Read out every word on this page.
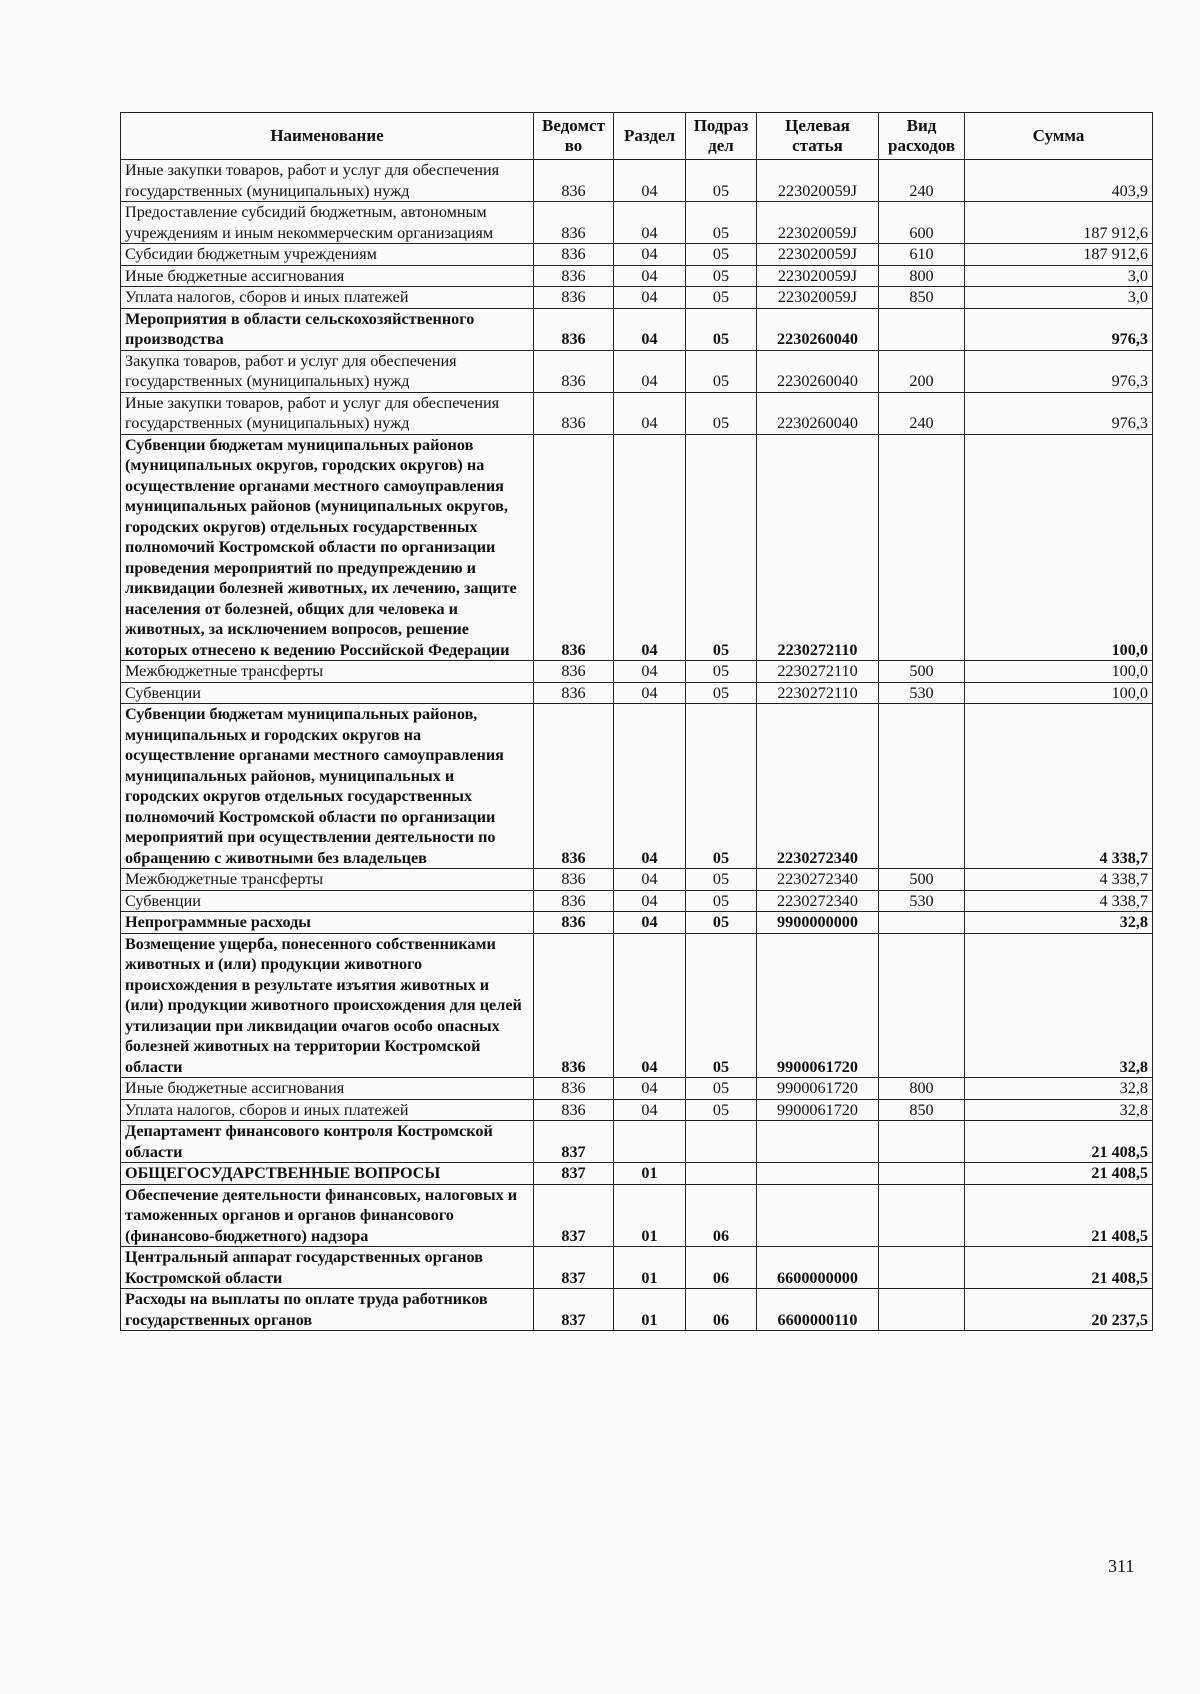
Наименование	Ведомст во	Раздел	Подраз дел	Целевая статья	Вид расходов	Сумма
Иные закупки товаров, работ и услуг для обеспечения государственных (муниципальных) нужд	836	04	05	223020059J	240	403,9
Предоставление субсидий бюджетным, автономным учреждениям и иным некоммерческим организациям	836	04	05	223020059J	600	187 912,6
Субсидии бюджетным учреждениям	836	04	05	223020059J	610	187 912,6
Иные бюджетные ассигнования	836	04	05	223020059J	800	3,0
Уплата налогов, сборов и иных платежей	836	04	05	223020059J	850	3,0
Мероприятия в области сельскохозяйственного производства	836	04	05	2230260040		976,3
Закупка товаров, работ и услуг для обеспечения государственных (муниципальных) нужд	836	04	05	2230260040	200	976,3
Иные закупки товаров, работ и услуг для обеспечения государственных (муниципальных) нужд	836	04	05	2230260040	240	976,3
Субвенции бюджетам муниципальных районов (муниципальных округов, городских округов) на осуществление органами местного самоуправления муниципальных районов (муниципальных округов, городских округов) отдельных государственных полномочий Костромской области по организации проведения мероприятий по предупреждению и ликвидации болезней животных, их лечению, защите населения от болезней, общих для человека и животных, за исключением вопросов, решение которых отнесено к ведению Российской Федерации	836	04	05	2230272110		100,0
Межбюджетные трансферты	836	04	05	2230272110	500	100,0
Субвенции	836	04	05	2230272110	530	100,0
Субвенции бюджетам муниципальных районов, муниципальных и городских округов на осуществление органами местного самоуправления муниципальных районов, муниципальных и городских округов отдельных государственных полномочий Костромской области по организации мероприятий при осуществлении деятельности по обращению с животными без владельцев	836	04	05	2230272340		4 338,7
Межбюджетные трансферты	836	04	05	2230272340	500	4 338,7
Субвенции	836	04	05	2230272340	530	4 338,7
Непрограммные расходы	836	04	05	9900000000		32,8
Возмещение ущерба, понесенного собственниками животных и (или) продукции животного происхождения в результате изъятия животных и (или) продукции животного происхождения для целей утилизации при ликвидации очагов особо опасных болезней животных на территории Костромской области	836	04	05	9900061720		32,8
Иные бюджетные ассигнования	836	04	05	9900061720	800	32,8
Уплата налогов, сборов и иных платежей	836	04	05	9900061720	850	32,8
Департамент финансового контроля Костромской области	837					21 408,5
ОБЩЕГОСУДАРСТВЕННЫЕ ВОПРОСЫ	837	01				21 408,5
Обеспечение деятельности финансовых, налоговых и таможенных органов и органов финансового (финансово-бюджетного) надзора	837	01	06			21 408,5
Центральный аппарат государственных органов Костромской области	837	01	06	6600000000		21 408,5
Расходы на выплаты по оплате труда работников государственных органов	837	01	06	6600000110		20 237,5
311
